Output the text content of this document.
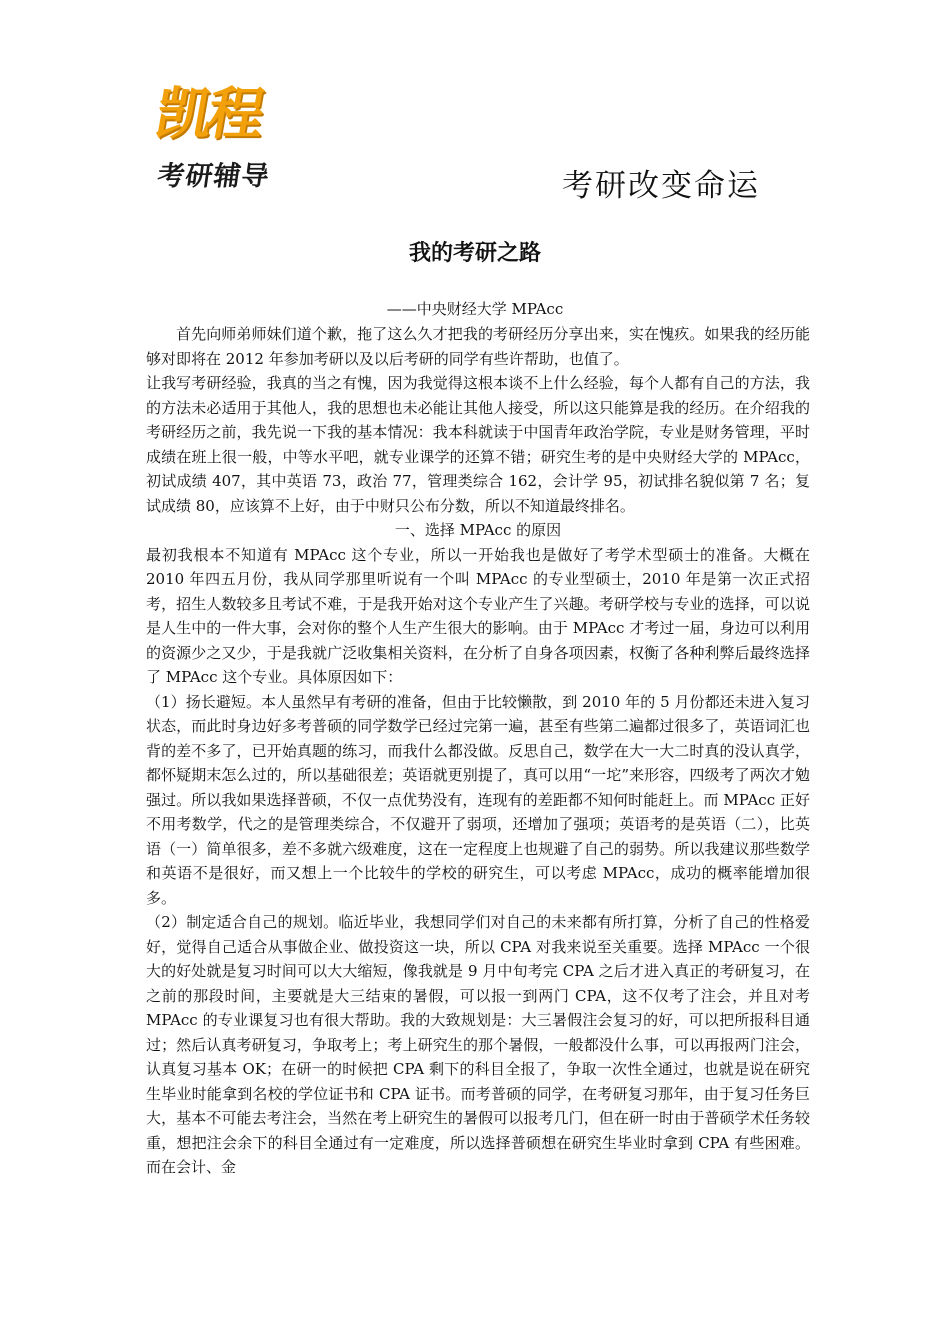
凯程
考研辅导	考研改变命运
我的考研之路
——中央财经大学 MPAcc

首先向师弟师妹们道个歉，拖了这么久才把我的考研经历分享出来，实在愧疚。如果我的经历能够对即将在 2012 年参加考研以及以后考研的同学有些许帮助，也值了。

让我写考研经验，我真的当之有愧，因为我觉得这根本谈不上什么经验，每个人都有自己的方法，我的方法未必适用于其他人，我的思想也未必能让其他人接受，所以这只能算是我的经历。在介绍我的考研经历之前，我先说一下我的基本情况：我本科就读于中国青年政治学院，专业是财务管理，平时成绩在班上很一般，中等水平吧，就专业课学的还算不错；研究生考的是中央财经大学的 MPAcc，初试成绩 407，其中英语 73，政治 77，管理类综合 162，会计学 95，初试排名貌似第 7 名；复试成绩 80，应该算不上好，由于中财只公布分数，所以不知道最终排名。

一、选择 MPAcc 的原因

最初我根本不知道有 MPAcc 这个专业，所以一开始我也是做好了考学术型硕士的准备。大概在 2010 年四五月份，我从同学那里听说有一个叫 MPAcc 的专业型硕士，2010 年是第一次正式招考，招生人数较多且考试不难，于是我开始对这个专业产生了兴趣。考研学校与专业的选择，可以说是人生中的一件大事，会对你的整个人生产生很大的影响。由于 MPAcc 才考过一届，身边可以利用的资源少之又少，于是我就广泛收集相关资料，在分析了自身各项因素，权衡了各种利弊后最终选择了 MPAcc 这个专业。具体原因如下：

（1）扬长避短。本人虽然早有考研的准备，但由于比较懒散，到 2010 年的 5 月份都还未进入复习状态，而此时身边好多考普硕的同学数学已经过完第一遍，甚至有些第二遍都过很多了，英语词汇也背的差不多了，已开始真题的练习，而我什么都没做。反思自己，数学在大一大二时真的没认真学，都怀疑期末怎么过的，所以基础很差；英语就更别提了，真可以用“一坨”来形容，四级考了两次才勉强过。所以我如果选择普硕，不仅一点优势没有，连现有的差距都不知何时能赶上。而 MPAcc 正好不用考数学，代之的是管理类综合，不仅避开了弱项，还增加了强项；英语考的是英语（二），比英语（一）简单很多，差不多就六级难度，这在一定程度上也规避了自己的弱势。所以我建议那些数学和英语不是很好，而又想上一个比较牛的学校的研究生，可以考虑 MPAcc，成功的概率能增加很多。

（2）制定适合自己的规划。临近毕业，我想同学们对自己的未来都有所打算，分析了自己的性格爱好，觉得自己适合从事做企业、做投资这一块，所以 CPA 对我来说至关重要。选择 MPAcc 一个很大的好处就是复习时间可以大大缩短，像我就是 9 月中旬考完 CPA 之后才进入真正的考研复习，在之前的那段时间，主要就是大三结束的暑假，可以报一到两门 CPA，这不仅考了注会，并且对考 MPAcc 的专业课复习也有很大帮助。我的大致规划是：大三暑假注会复习的好，可以把所报科目通过；然后认真考研复习，争取考上；考上研究生的那个暑假，一般都没什么事，可以再报两门注会，认真复习基本 OK；在研一的时候把 CPA 剩下的科目全报了，争取一次性全通过，也就是说在研究生毕业时能拿到名校的学位证书和 CPA 证书。而考普硕的同学，在考研复习那年，由于复习任务巨大，基本不可能去考注会，当然在考上研究生的暑假可以报考几门，但在研一时由于普硕学术任务较重，想把注会余下的科目全通过有一定难度，所以选择普硕想在研究生毕业时拿到 CPA 有些困难。而在会计、金
